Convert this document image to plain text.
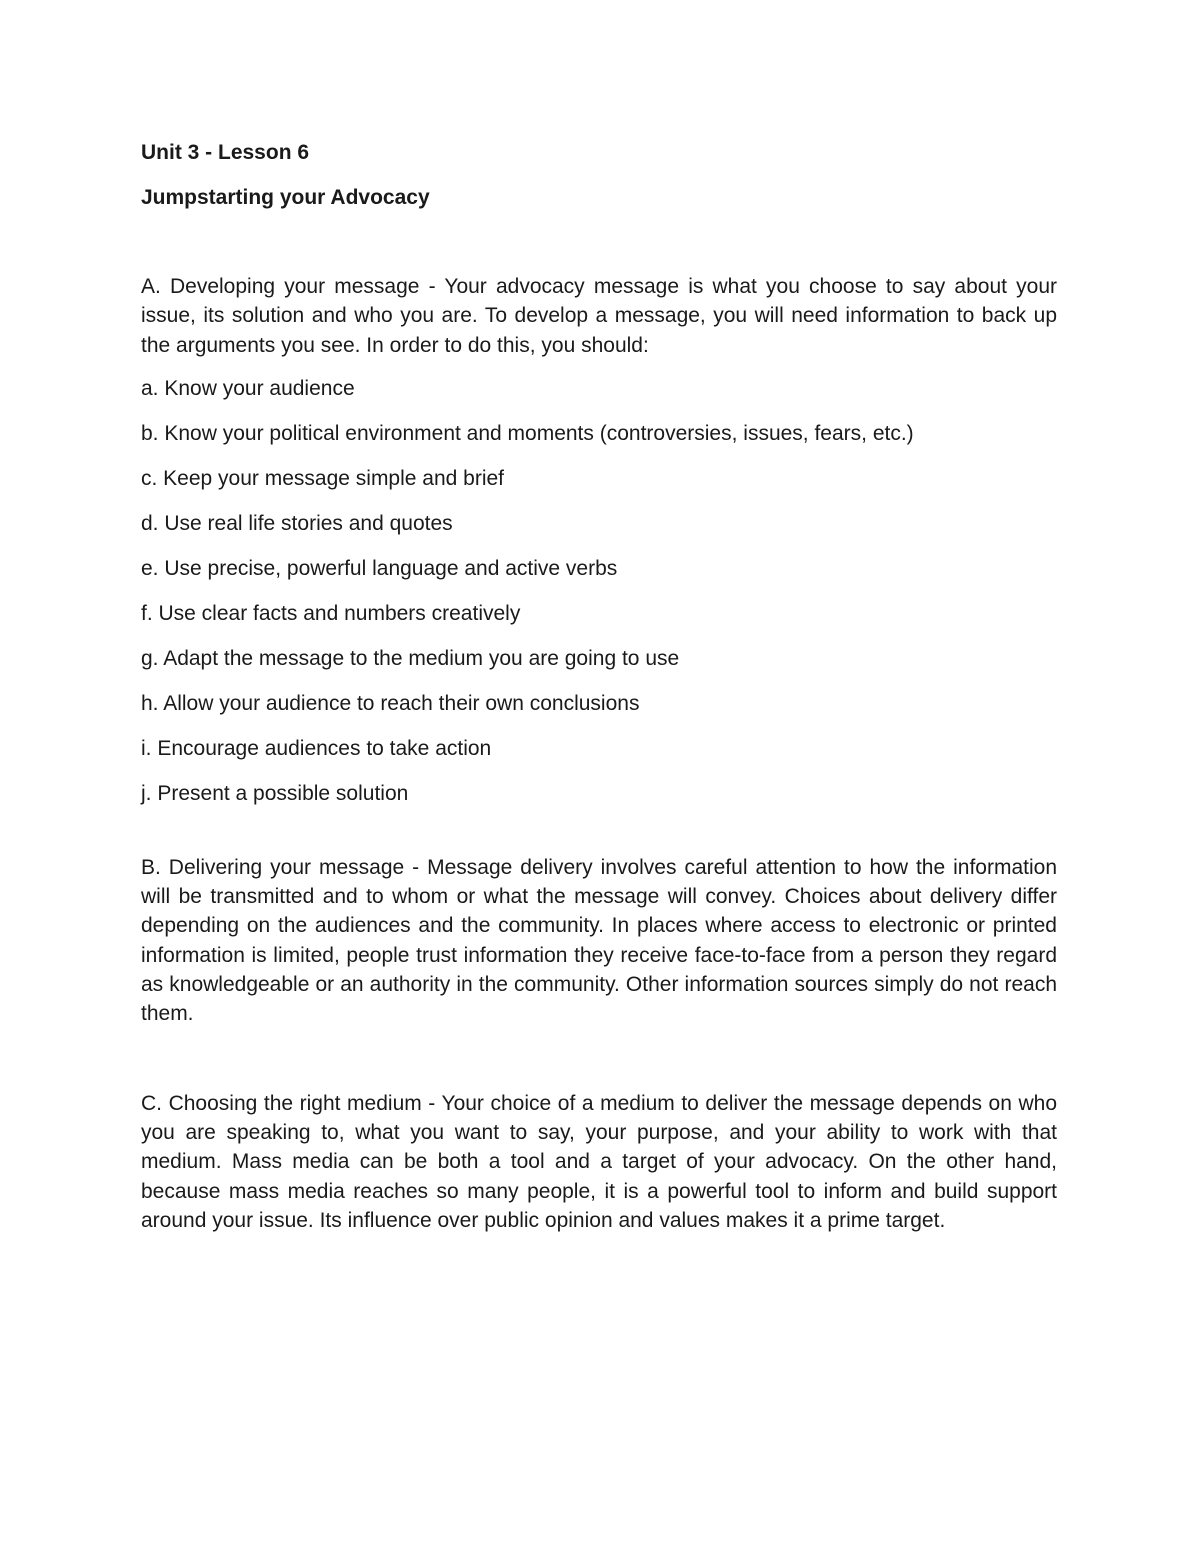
Unit 3 - Lesson 6

Jumpstarting your Advocacy

A. Developing your message - Your advocacy message is what you choose to say about your issue, its solution and who you are. To develop a message, you will need information to back up the arguments you see. In order to do this, you should:

a. Know your audience
b. Know your political environment and moments (controversies, issues, fears, etc.)
c. Keep your message simple and brief
d. Use real life stories and quotes
e. Use precise, powerful language and active verbs
f. Use clear facts and numbers creatively
g. Adapt the message to the medium you are going to use
h. Allow your audience to reach their own conclusions
i. Encourage audiences to take action
j. Present a possible solution

B. Delivering your message - Message delivery involves careful attention to how the information will be transmitted and to whom or what the message will convey. Choices about delivery differ depending on the audiences and the community. In places where access to electronic or printed information is limited, people trust information they receive face-to-face from a person they regard as knowledgeable or an authority in the community. Other information sources simply do not reach them.

C. Choosing the right medium - Your choice of a medium to deliver the message depends on who you are speaking to, what you want to say, your purpose, and your ability to work with that medium. Mass media can be both a tool and a target of your advocacy. On the other hand, because mass media reaches so many people, it is a powerful tool to inform and build support around your issue. Its influence over public opinion and values makes it a prime target.
